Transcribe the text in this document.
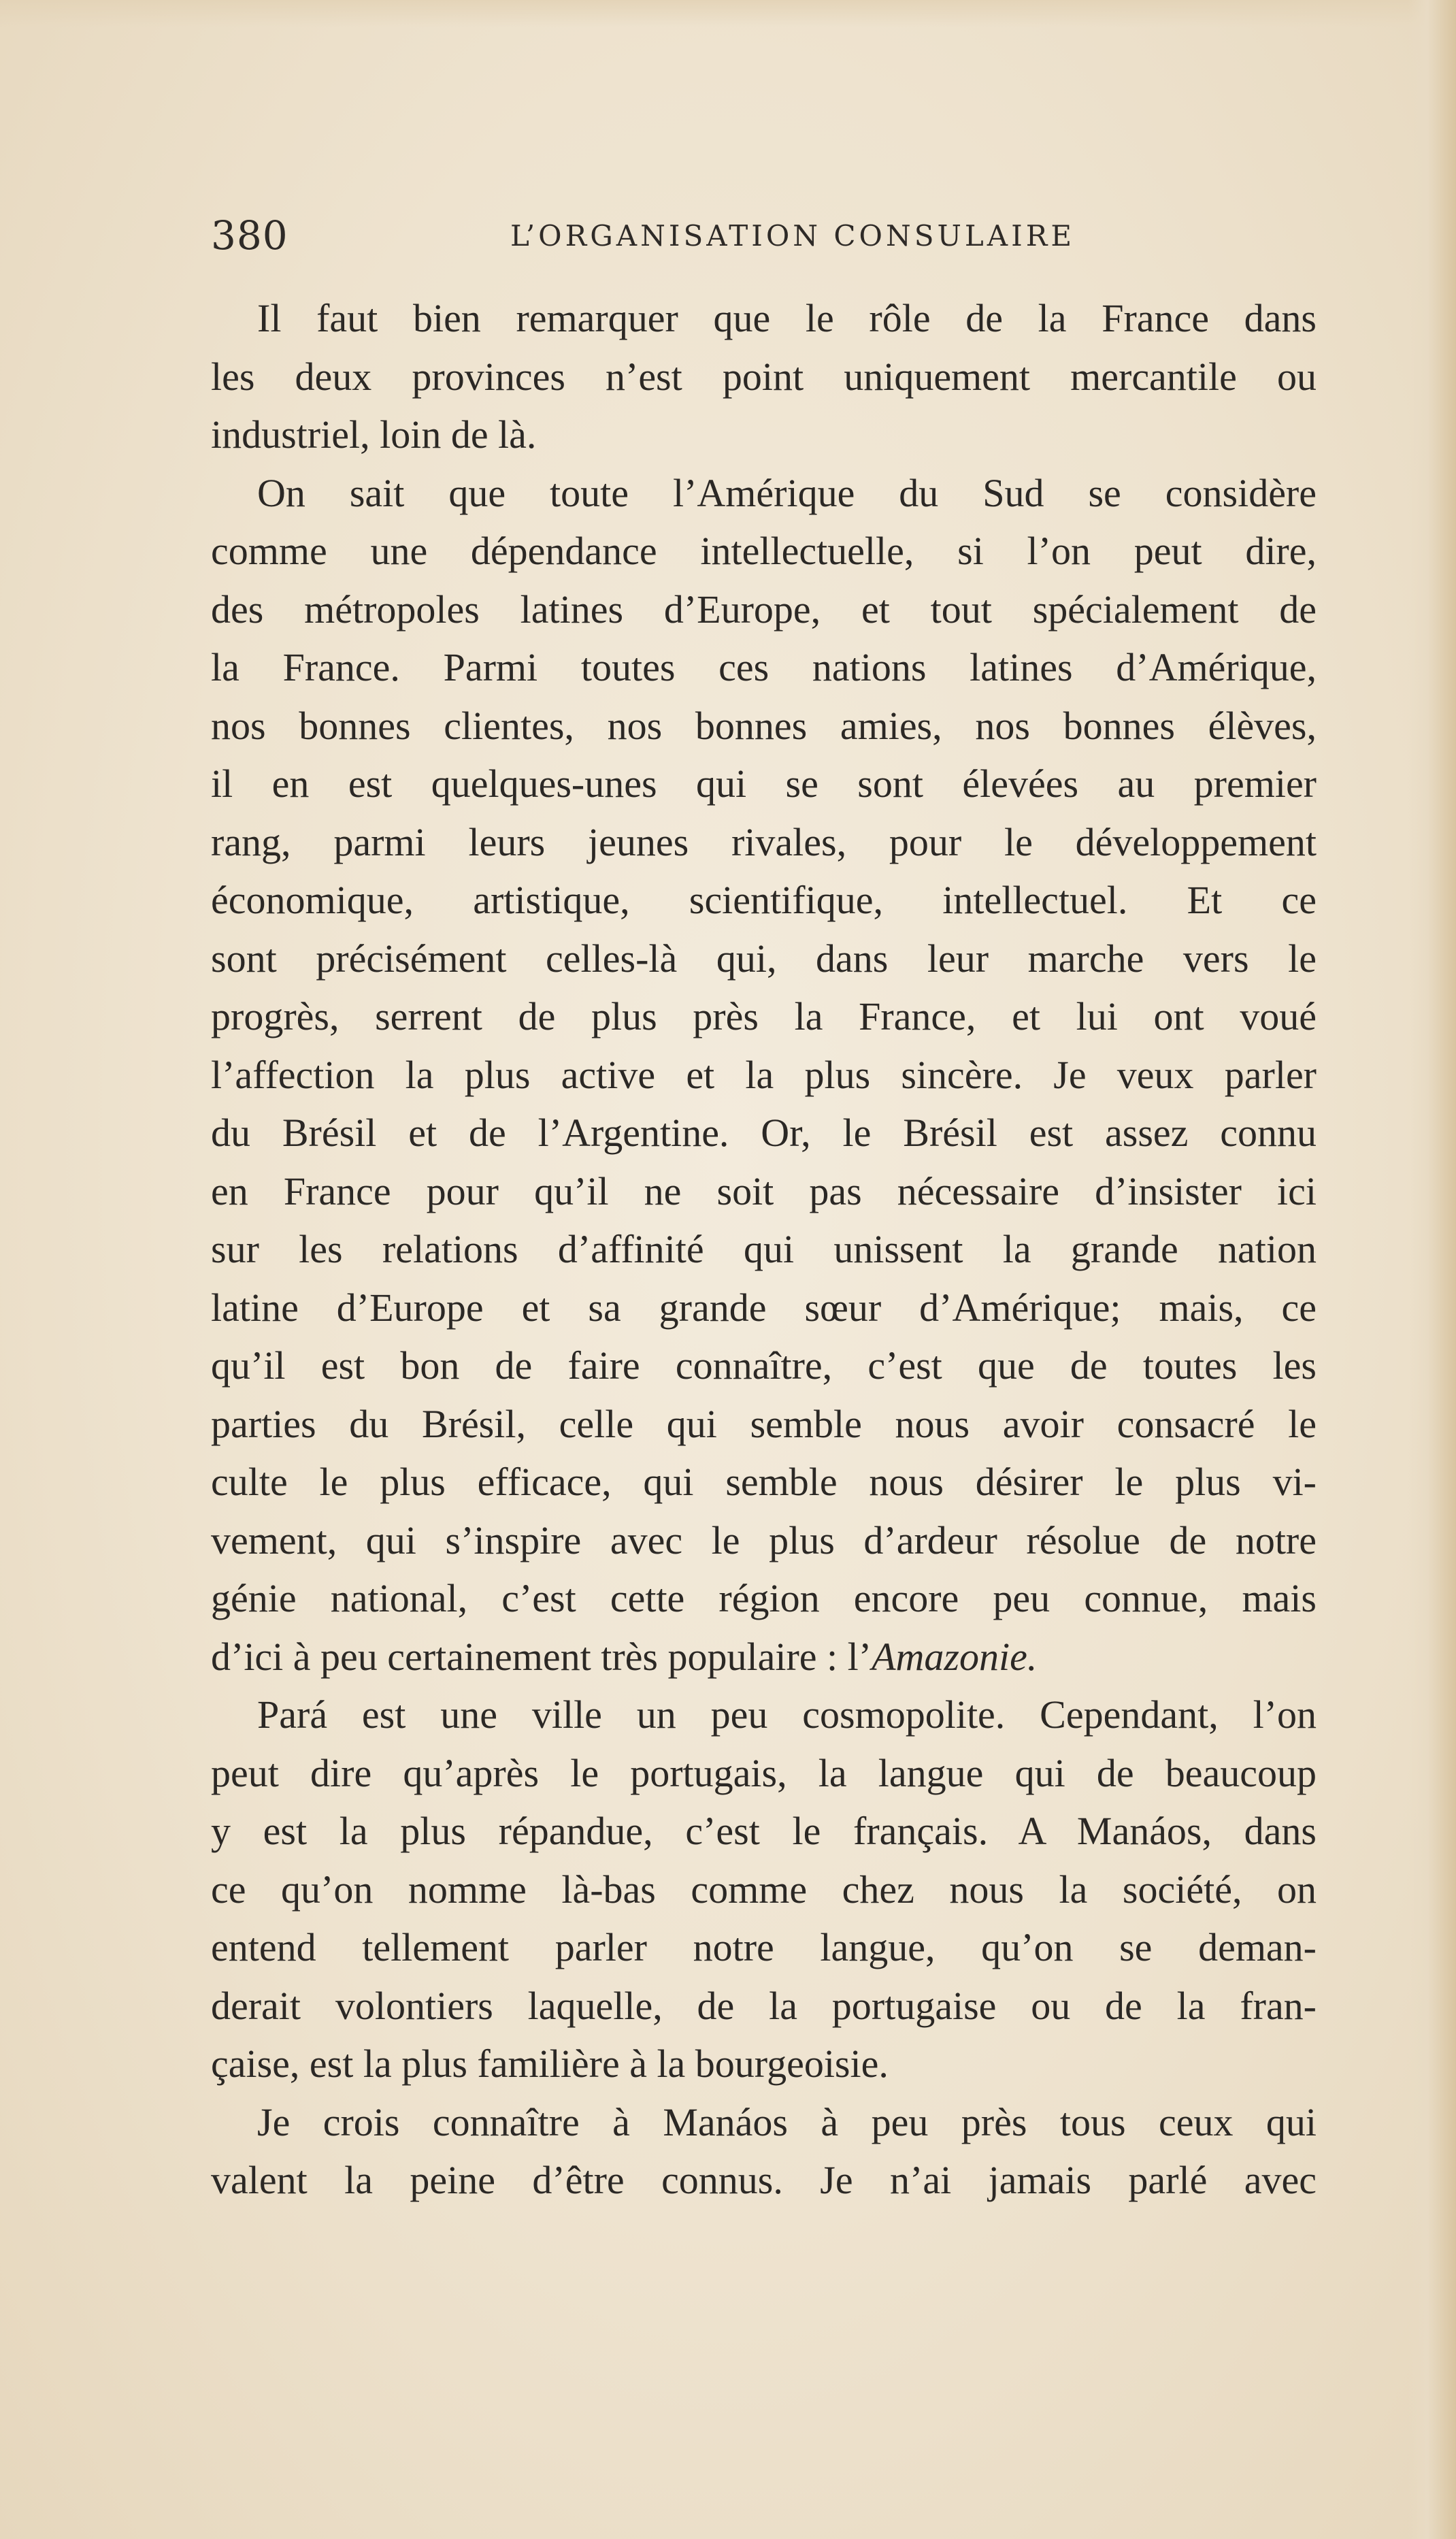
380	L’ORGANISATION CONSULAIRE
Il faut bien remarquer que le rôle de la France dans
les deux provinces n’est point uniquement mercantile ou
industriel, loin de là.
On sait que toute l’Amérique du Sud se considère
comme une dépendance intellectuelle, si l’on peut dire,
des métropoles latines d’Europe, et tout spécialement de
la France. Parmi toutes ces nations latines d’Amérique,
nos bonnes clientes, nos bonnes amies, nos bonnes élèves,
il en est quelques-unes qui se sont élevées au premier
rang, parmi leurs jeunes rivales, pour le développement
économique, artistique, scientifique, intellectuel. Et ce
sont précisément celles-là qui, dans leur marche vers le
progrès, serrent de plus près la France, et lui ont voué
l’affection la plus active et la plus sincère. Je veux parler
du Brésil et de l’Argentine. Or, le Brésil est assez connu
en France pour qu’il ne soit pas nécessaire d’insister ici
sur les relations d’affinité qui unissent la grande nation
latine d’Europe et sa grande sœur d’Amérique; mais, ce
qu’il est bon de faire connaître, c’est que de toutes les
parties du Brésil, celle qui semble nous avoir consacré le
culte le plus efficace, qui semble nous désirer le plus vi-
vement, qui s’inspire avec le plus d’ardeur résolue de notre
génie national, c’est cette région encore peu connue, mais
d’ici à peu certainement très populaire : l’Amazonie.
Pará est une ville un peu cosmopolite. Cependant, l’on
peut dire qu’après le portugais, la langue qui de beaucoup
y est la plus répandue, c’est le français. A Manáos, dans
ce qu’on nomme là-bas comme chez nous la société, on
entend tellement parler notre langue, qu’on se deman-
derait volontiers laquelle, de la portugaise ou de la fran-
çaise, est la plus familière à la bourgeoisie.
Je crois connaître à Manáos à peu près tous ceux qui
valent la peine d’être connus. Je n’ai jamais parlé avec
